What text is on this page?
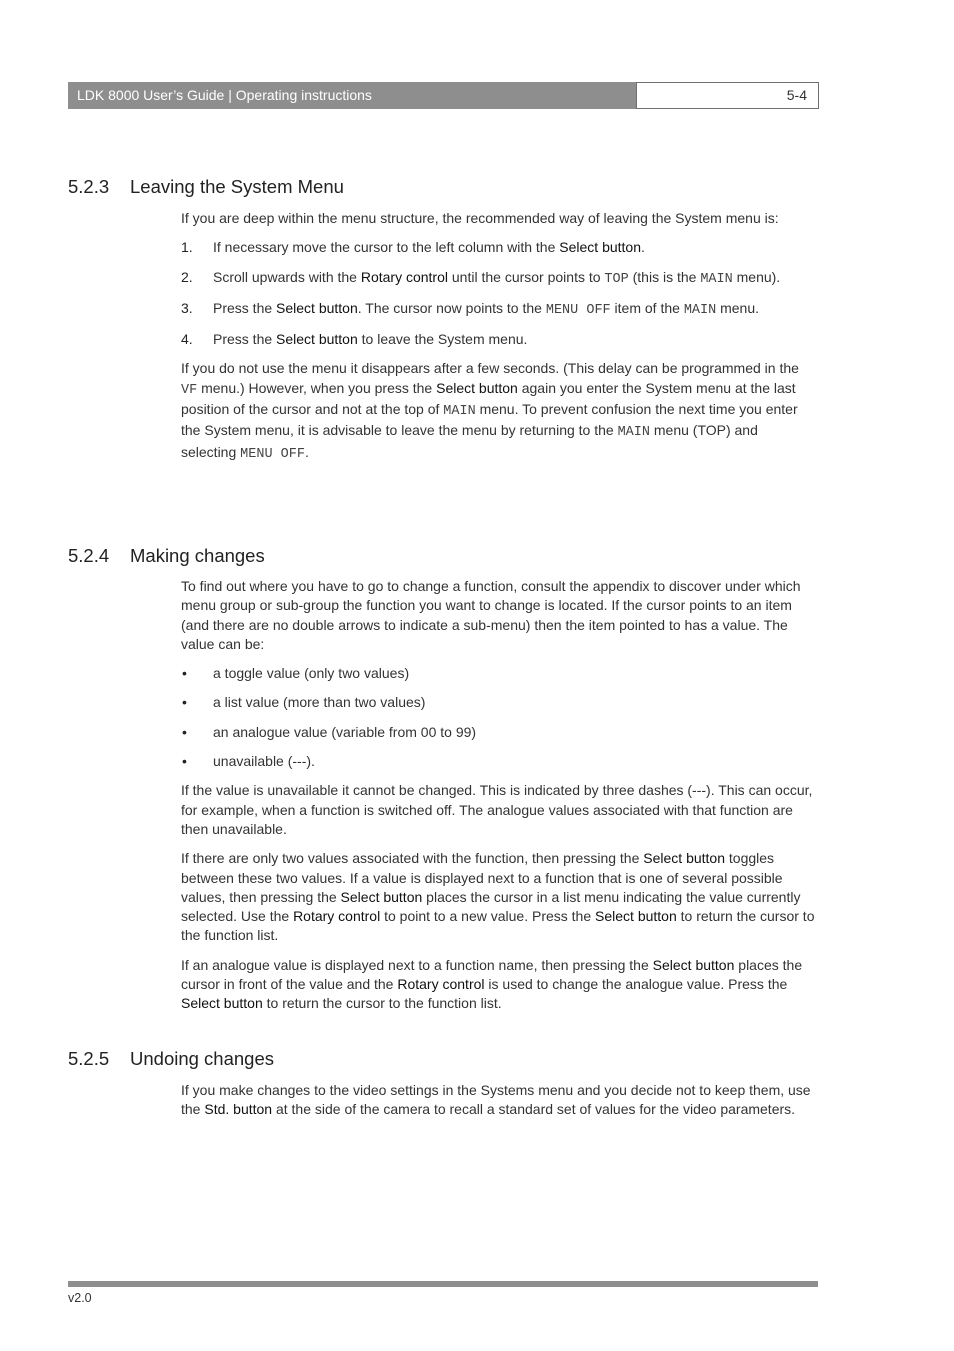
LDK 8000 User’s Guide | Operating instructions	5-4
5.2.3 Leaving the System Menu

If you are deep within the menu structure, the recommended way of leaving the System menu is:

1. If necessary move the cursor to the left column with the Select button.
2. Scroll upwards with the Rotary control until the cursor points to TOP (this is the MAIN menu).
3. Press the Select button. The cursor now points to the MENU OFF item of the MAIN menu.
4. Press the Select button to leave the System menu.

If you do not use the menu it disappears after a few seconds. (This delay can be programmed in the VF menu.) However, when you press the Select button again you enter the System menu at the last position of the cursor and not at the top of MAIN menu. To prevent confusion the next time you enter the System menu, it is advisable to leave the menu by returning to the MAIN menu (TOP) and selecting MENU OFF.

5.2.4 Making changes

To find out where you have to go to change a function, consult the appendix to discover under which menu group or sub-group the function you want to change is located. If the cursor points to an item (and there are no double arrows to indicate a sub-menu) then the item pointed to has a value. The value can be:

• a toggle value (only two values)
• a list value (more than two values)
• an analogue value (variable from 00 to 99)
• unavailable (---).

If the value is unavailable it cannot be changed. This is indicated by three dashes (---). This can occur, for example, when a function is switched off. The analogue values associated with that function are then unavailable.

If there are only two values associated with the function, then pressing the Select button toggles between these two values. If a value is displayed next to a function that is one of several possible values, then pressing the Select button places the cursor in a list menu indicating the value currently selected. Use the Rotary control to point to a new value. Press the Select button to return the cursor to the function list.

If an analogue value is displayed next to a function name, then pressing the Select button places the cursor in front of the value and the Rotary control is used to change the analogue value. Press the Select button to return the cursor to the function list.

5.2.5 Undoing changes

If you make changes to the video settings in the Systems menu and you decide not to keep them, use the Std. button at the side of the camera to recall a standard set of values for the video parameters.

v2.0
